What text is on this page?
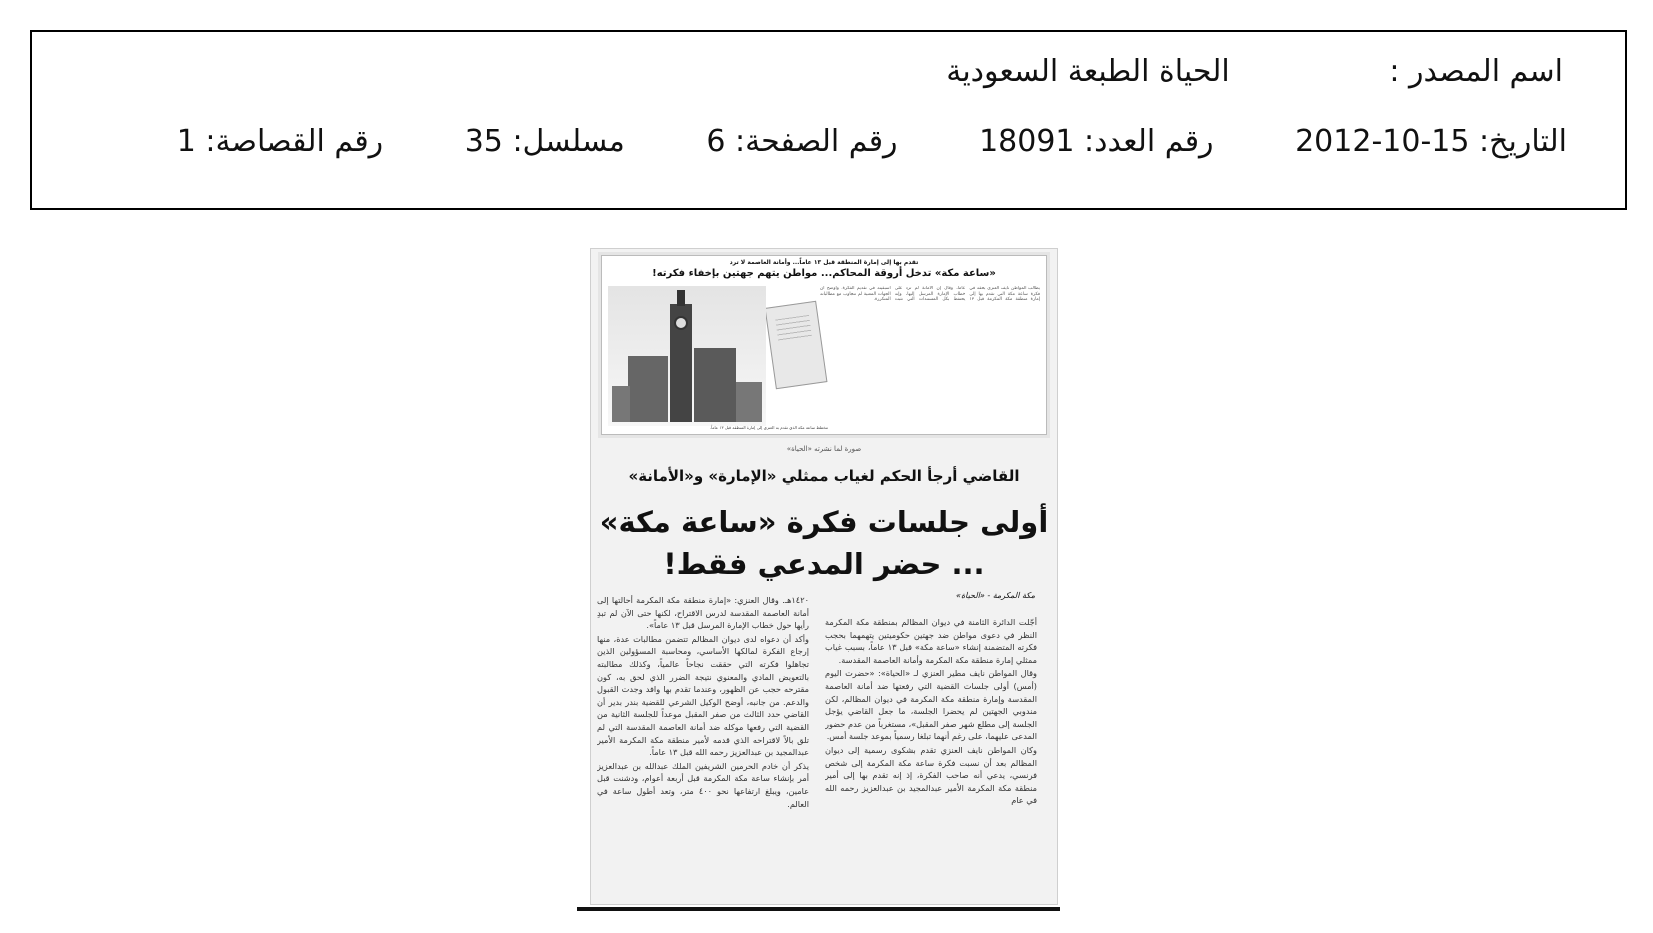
اسم المصدر : الحياة الطبعة السعودية
التاريخ: 15-10-2012 رقم العدد: 18091 رقم الصفحة: 6 مسلسل: 35 رقم القصاصة: 1
تقدم بها إلى إمارة المنطقة قبل ١٣ عاماً... وأمانة العاصمة لا ترد
«ساعة مكة» تدخل أروقة المحاكم... مواطن يتهم جهتين بإخفاء فكرته!
يطالب المواطن نايف العنزي بحقه في فكرة ساعة مكة التي تقدم بها إلى إمارة منطقة مكة المكرمة قبل ١٣ عاماً، وقال إن الأمانة لم ترد على خطاب الإمارة المرسل إليها، وإنه يحتفظ بكل المستندات التي تثبت أسبقيته في تقديم الفكرة. وأوضح أن الجهات المعنية لم تتجاوب مع مطالباته المتكررة.
مخطط ساعة مكة الذي تقدم به العنزي إلى إمارة المنطقة قبل ١٣ عاماً.
صورة لما نشرته «الحياة»
القاضي أرجأ الحكم لغياب ممثلي «الإمارة» و«الأمانة»
أولى جلسات فكرة «ساعة مكة»
... حضر المدعي فقط!
مكة المكرمة - «الحياة»

أجّلت الدائرة الثامنة في ديوان المظالم بمنطقة مكة المكرمة النظر في دعوى مواطن ضد جهتين حكوميتين يتهمهما بحجب فكرته المتضمنة إنشاء «ساعة مكة» قبل ١٣ عاماً، بسبب غياب ممثلي إمارة منطقة مكة المكرمة وأمانة العاصمة المقدسة.

وقال المواطن نايف مطير العنزي لـ «الحياة»: «حضرت اليوم (أمس) أولى جلسات القضية التي رفعتها ضد أمانة العاصمة المقدسة وإمارة منطقة مكة المكرمة في ديوان المظالم، لكن مندوبي الجهتين لم يحضرا الجلسة، ما جعل القاضي يؤجل الجلسة إلى مطلع شهر صفر المقبل»، مستغرباً من عدم حضور المدعى عليهما، على رغم أنهما تبلغا رسمياً بموعد جلسة أمس.

وكان المواطن نايف العنزي تقدم بشكوى رسمية إلى ديوان المظالم بعد أن نسبت فكرة ساعة مكة المكرمة إلى شخص فرنسي، يدعي أنه صاحب الفكرة، إذ إنه تقدم بها إلى أمير منطقة مكة المكرمة الأمير عبدالمجيد بن عبدالعزيز رحمه الله في عام

١٤٢٠هـ. وقال العنزي: «إمارة منطقة مكة المكرمة أحالتها إلى أمانة العاصمة المقدسة لدرس الاقتراح، لكنها حتى الآن لم تبدِ رأيها حول خطاب الإمارة المرسل قبل ١٣ عاماً».

وأكد أن دعواه لدى ديوان المظالم تتضمن مطالبات عدة، منها إرجاع الفكرة لمالكها الأساسي، ومحاسبة المسؤولين الذين تجاهلوا فكرته التي حققت نجاحاً عالمياً، وكذلك مطالبته بالتعويض المادي والمعنوي نتيجة الضرر الذي لحق به، كون مقترحه حجب عن الظهور، وعندما تقدم بها وافد وجدت القبول والدعم. من جانبه، أوضح الوكيل الشرعي للقضية بندر بدير أن القاضي حدد الثالث من صفر المقبل موعداً للجلسة الثانية من القضية التي رفعها موكله ضد أمانة العاصمة المقدسة التي لم تلق بالاً لاقتراحه الذي قدمه لأمير منطقة مكة المكرمة الأمير عبدالمجيد بن عبدالعزيز رحمه الله قبل ١٣ عاماً.

يذكر أن خادم الحرمين الشريفين الملك عبدالله بن عبدالعزيز أمر بإنشاء ساعة مكة المكرمة قبل أربعة أعوام، ودشنت قبل عامين، ويبلغ ارتفاعها نحو ٤٠٠ متر، وتعد أطول ساعة في العالم.
